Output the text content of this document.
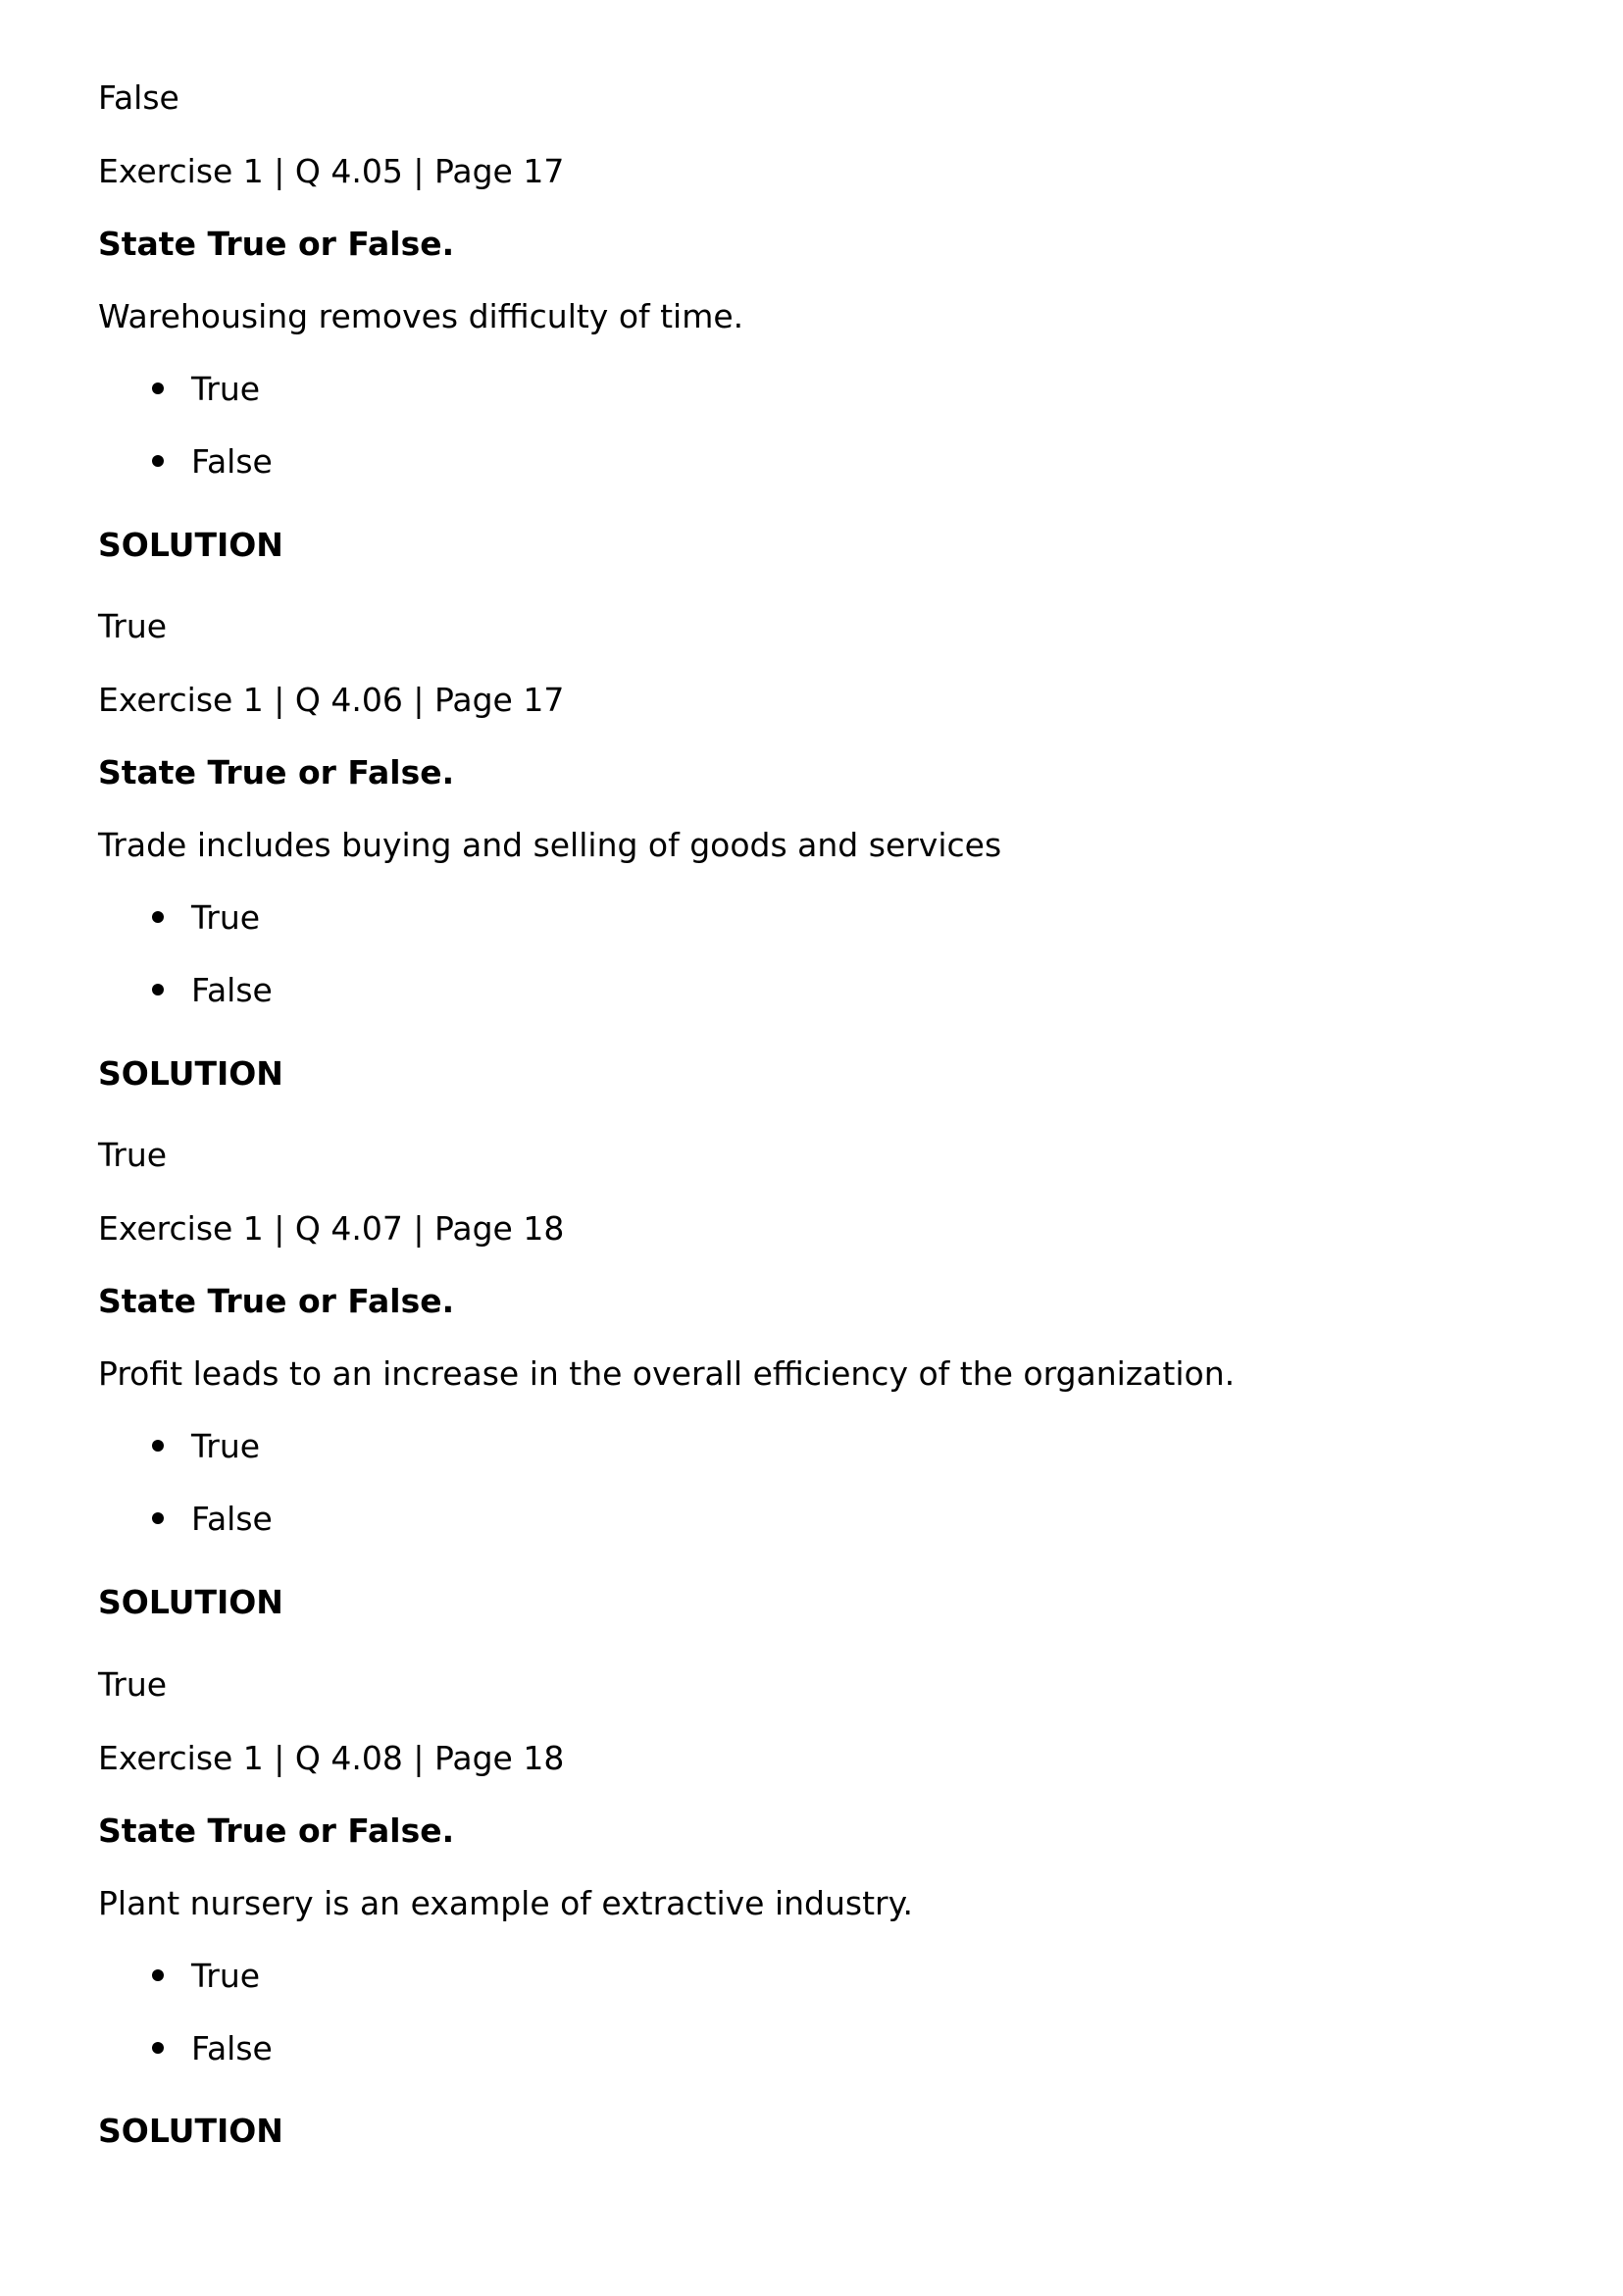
False

Exercise 1 | Q 4.05 | Page 17

State True or False.

Warehousing removes difficulty of time.

True
False

SOLUTION

True

Exercise 1 | Q 4.06 | Page 17

State True or False.

Trade includes buying and selling of goods and services

True
False

SOLUTION

True

Exercise 1 | Q 4.07 | Page 18

State True or False.

Profit leads to an increase in the overall efficiency of the organization.

True
False

SOLUTION

True

Exercise 1 | Q 4.08 | Page 18

State True or False.

Plant nursery is an example of extractive industry.

True
False

SOLUTION
